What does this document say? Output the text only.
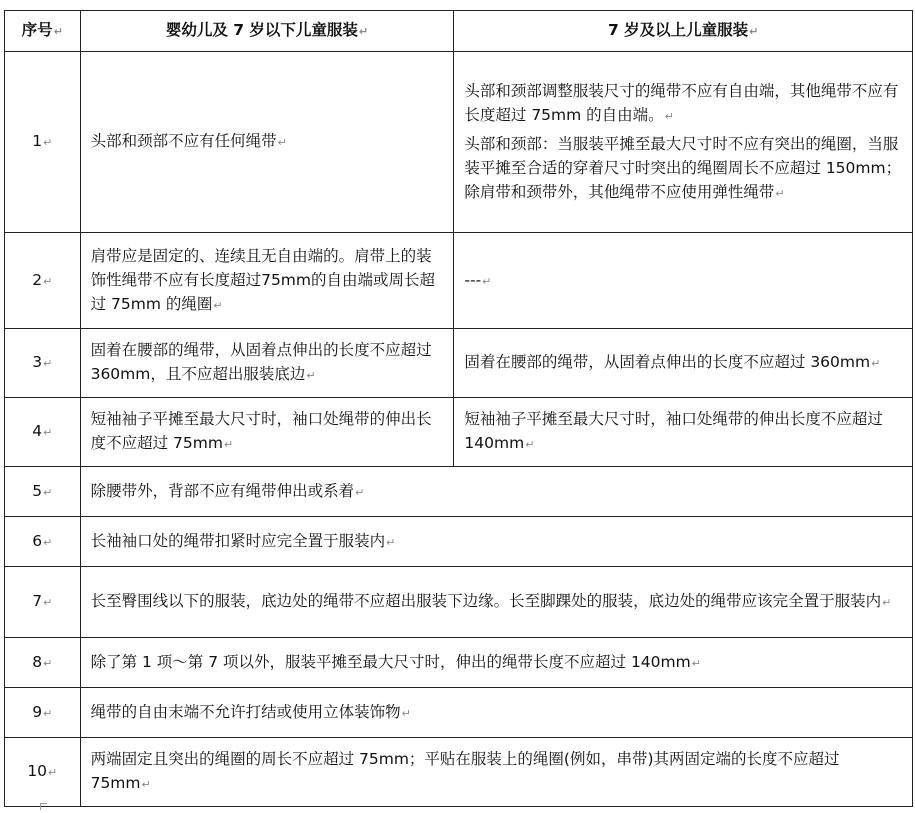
序号↵	婴幼儿及 7 岁以下儿童服装↵	7 岁及以上儿童服装↵
1↵	头部和颈部不应有任何绳带↵	头部和颈部调整服装尺寸的绳带不应有自由端，其他绳带不应有长度超过 75mm 的自由端。↵
头部和颈部：当服装平摊至最大尺寸时不应有突出的绳圈，当服装平摊至合适的穿着尺寸时突出的绳圈周长不应超过 150mm；除肩带和颈带外，其他绳带不应使用弹性绳带↵

2↵	肩带应是固定的、连续且无自由端的。肩带上的装饰性绳带不应有长度超过75mm的自由端或周长超过 75mm 的绳圈↵	---↵
3↵	固着在腰部的绳带，从固着点伸出的长度不应超过 360mm，且不应超出服装底边↵	固着在腰部的绳带，从固着点伸出的长度不应超过 360mm↵
4↵	短袖袖子平摊至最大尺寸时，袖口处绳带的伸出长度不应超过 75mm↵	短袖袖子平摊至最大尺寸时，袖口处绳带的伸出长度不应超过 140mm↵
5↵	除腰带外，背部不应有绳带伸出或系着↵	
6↵	长袖袖口处的绳带扣紧时应完全置于服装内↵	
7↵	长至臀围线以下的服装，底边处的绳带不应超出服装下边缘。长至脚踝处的服装，底边处的绳带应该完全置于服装内↵	
8↵	除了第 1 项～第 7 项以外，服装平摊至最大尺寸时，伸出的绳带长度不应超过 140mm↵	
9↵	绳带的自由末端不允许打结或使用立体装饰物↵	
10↵	两端固定且突出的绳圈的周长不应超过 75mm；平贴在服装上的绳圈(例如，串带)其两固定端的长度不应超过 75mm↵	
